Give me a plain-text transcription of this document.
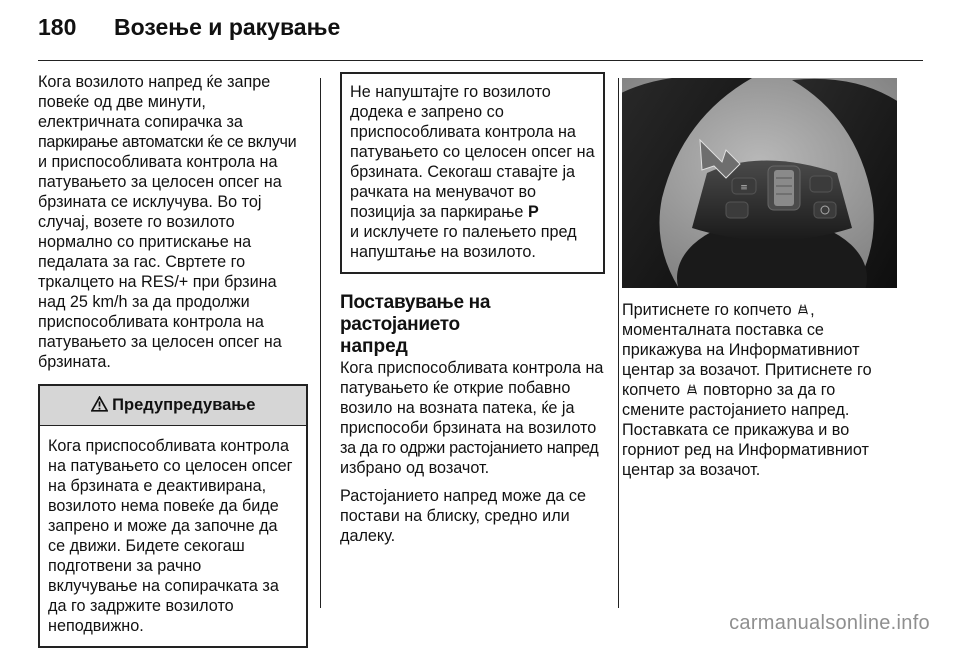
180 Возење и ракување

Кога возилото напред ќе запре
повеќе од две минути,
електричната сопирачка за
паркирање автоматски ќе се вклучи
и приспособливата контрола на
патувањето за целосен опсег на
брзината се исклучува. Во тој
случај, возете го возилото
нормално со притискање на
педалата за гас. Свртете го
тркалцето на RES/+ при брзина
над 25 km/h за да продолжи
приспособливата контрола на
патувањето за целосен опсег на
брзината.

Предупредување
Кога приспособливата контрола
на патувањето со целосен опсег
на брзината е деактивирана,
возилото нема повеќе да биде
запрено и може да започне да
се движи. Бидете секогаш
подготвени за рачно
вклучување на сопирачката за
да го задржите возилото
неподвижно.
Не напуштајте го возилото
додека е запрено со
приспособливата контрола на
патувањето со целосен опсег на
брзината. Секогаш ставајте ја
рачката на менувачот во
позиција за паркирање P
и исклучете го палењето пред
напуштање на возилото.
Поставување на растојанието
напред

Кога приспособливата контрола на
патувањето ќе открие побавно
возило на возната патека, ќе ја
приспособи брзината на возилото
за да го одржи растојанието напред
избрано од возачот.

Растојанието напред може да се
постави на блиску, средно или
далеку.

≡

Притиснете го копчето ,
моменталната поставка се
прикажува на Информативниот
центар за возачот. Притиснете го
копчето повторно за да го
смените растојанието напред.
Поставката се прикажува и во
горниот ред на Информативниот
центар за возачот.

carmanualsonline.info
